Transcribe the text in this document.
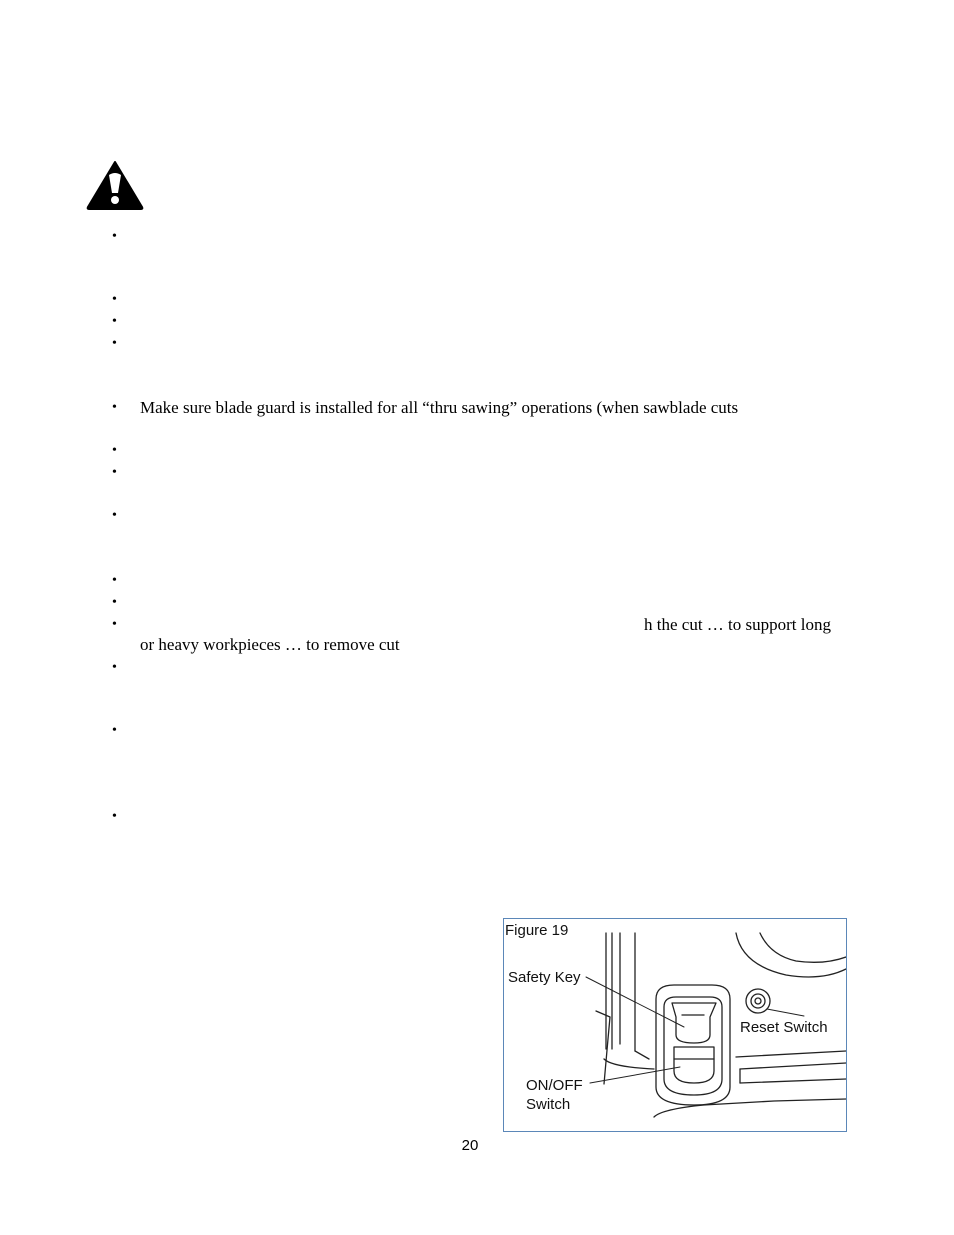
•
•
•
•
•
•
•
•
•
•
•
•
•
•
Make sure blade guard is installed for all “thru sawing” operations (when sawblade cuts
h the cut … to support long
or heavy workpieces … to remove cut
Figure 19
Safety Key
Reset Switch
ON/OFF
Switch
20
